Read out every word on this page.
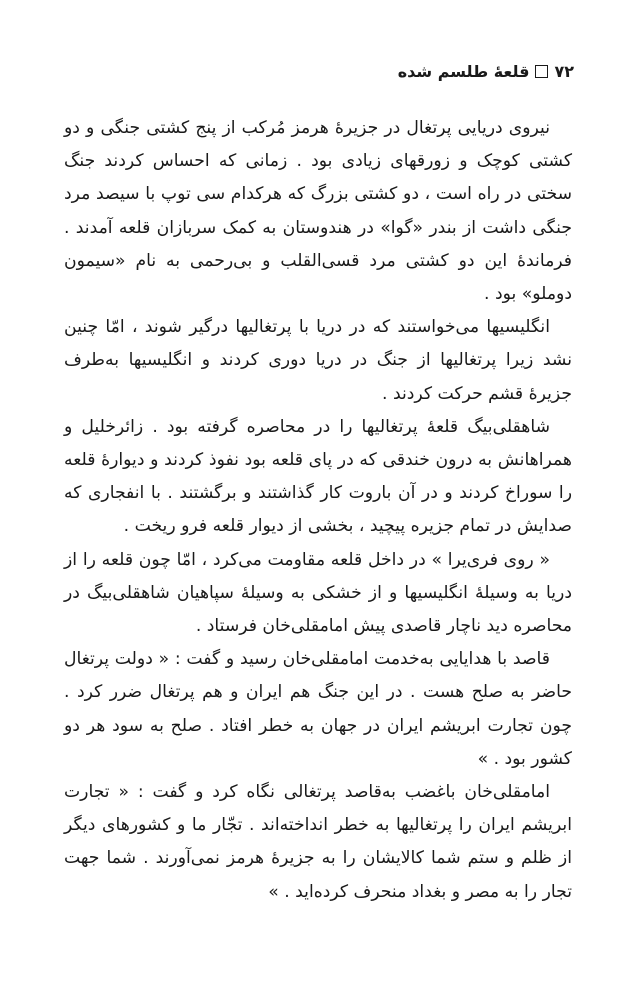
۷۲
قلعهٔ طلسم شده

نیروی دریایی پرتغال در جزیرهٔ هرمز مُرکب از پنج کشتی جنگی و دو کشتی کوچک و زورقهای زیادی بود . زمانی که احساس کردند جنگ سختی در راه است ، دو کشتی بزرگ که هرکدام سی توپ با سیصد مرد جنگی داشت از بندر «گوا» در هندوستان به کمک سربازان قلعه آمدند . فرماندهٔ این دو کشتی مرد قسی‌القلب و بی‌رحمی به نام «سیمون دوملو» بود .

انگلیسیها می‌خواستند که در دریا با پرتغالیها درگیر شوند ، امّا چنین نشد زیرا پرتغالیها از جنگ در دریا دوری کردند و انگلیسیها به‌طرف جزیرهٔ قشم حرکت کردند .

شاهقلی‌بیگ قلعهٔ پرتغالیها را در محاصره گرفته بود . زائرخلیل و همراهانش به درون خندقی که در پای قلعه بود نفوذ کردند و دیوارهٔ قلعه را سوراخ کردند و در آن باروت کار گذاشتند و برگشتند . با انفجاری که صدایش در تمام جزیره پیچید ، بخشی از دیوار قلعه فرو ریخت .

« روی فری‌یرا » در داخل قلعه مقاومت می‌کرد ، امّا چون قلعه را از دریا به وسیلهٔ انگلیسیها و از خشکی به وسیلهٔ سپاهیان شاهقلی‌بیگ در محاصره دید ناچار قاصدی پیش امامقلی‌خان فرستاد .

قاصد با هدایایی به‌خدمت امامقلی‌خان رسید و گفت : « دولت پرتغال حاضر به صلح هست . در این جنگ هم ایران و هم پرتغال ضرر کرد . چون تجارت ابریشم ایران در جهان به خطر افتاد . صلح به سود هر دو کشور بود . »

امامقلی‌خان باغضب به‌قاصد پرتغالی نگاه کرد و گفت : « تجارت ابریشم ایران را پرتغالیها به خطر انداخته‌اند . تجّار ما و کشورهای دیگر از ظلم و ستم شما کالایشان را به جزیرهٔ هرمز نمی‌آورند . شما جهت تجار را به مصر و بغداد منحرف کرده‌اید . »
